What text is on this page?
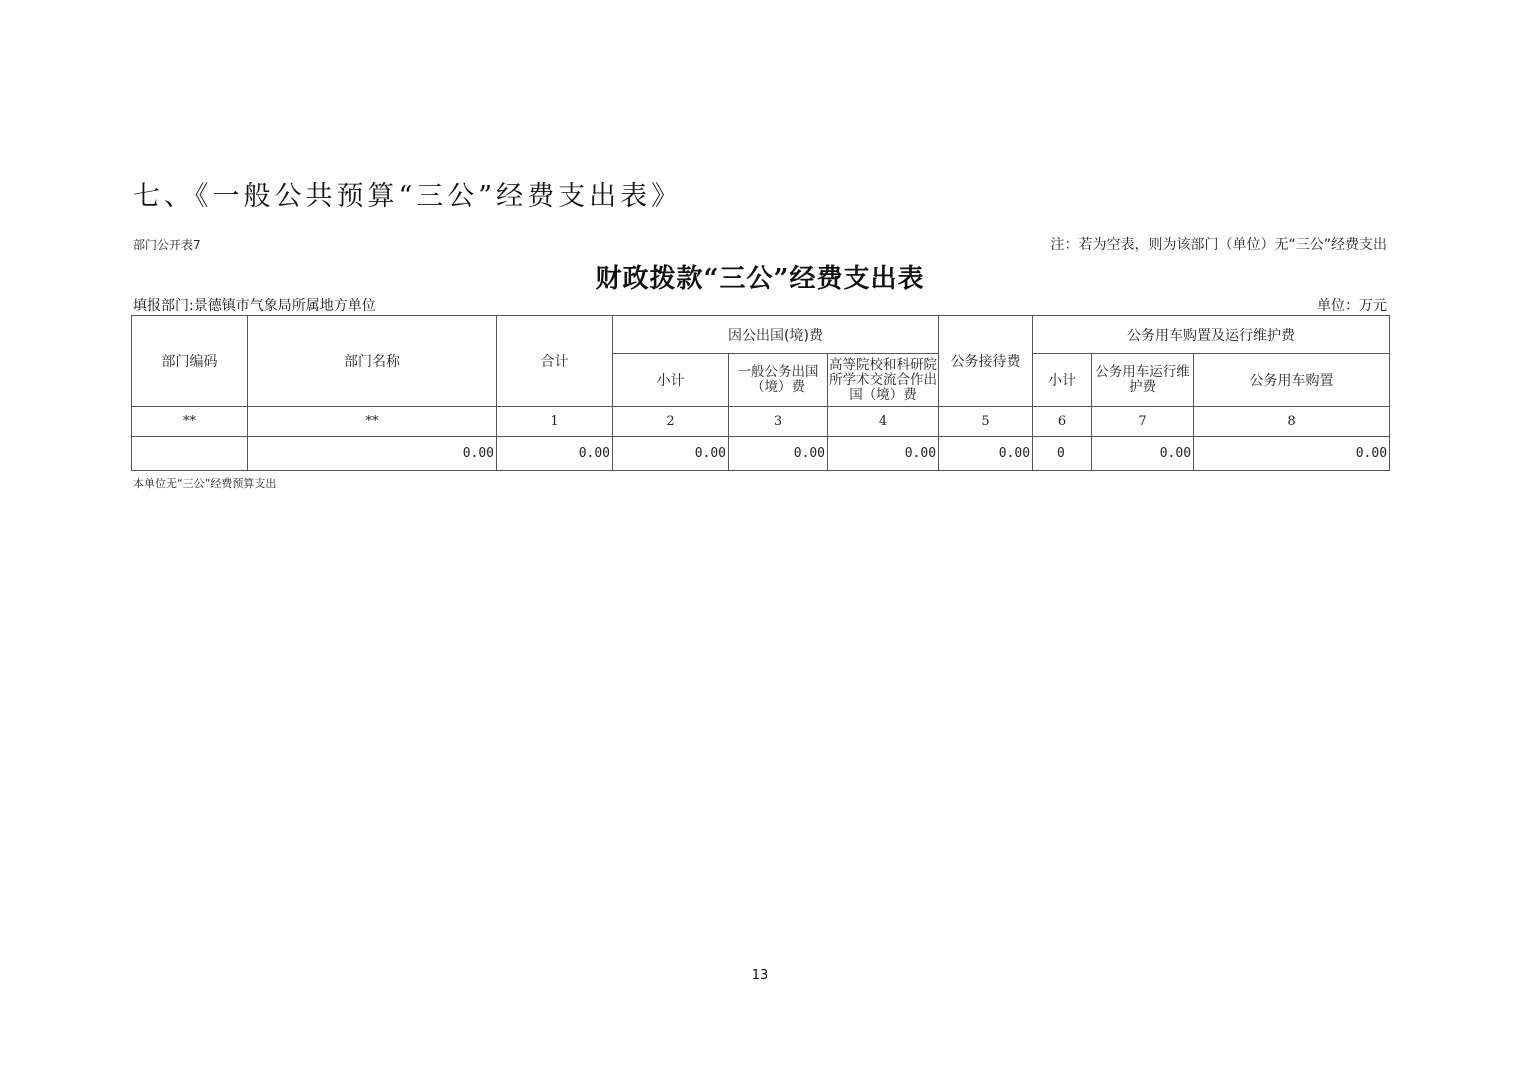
七、《一般公共预算“三公”经费支出表》
部门公开表7	注：若为空表，则为该部门（单位）无“三公”经费支出
财政拨款“三公”经费支出表
填报部门:景德镇市气象局所属地方单位	单位：万元
部门编码	部门名称	合计	因公出国(境)费			公务接待费	公务用车购置及运行维护费		
			小计	一般公务出国（境）费	高等院校和科研院所学术交流合作出国（境）费		小计	公务用车运行维护费	公务用车购置
**	**	1	2	3	4	5	6	7	8
	0.00	0.00	0.00	0.00	0.00	0.00	0	0.00	0.00
本单位无“三公”经费预算支出
13
